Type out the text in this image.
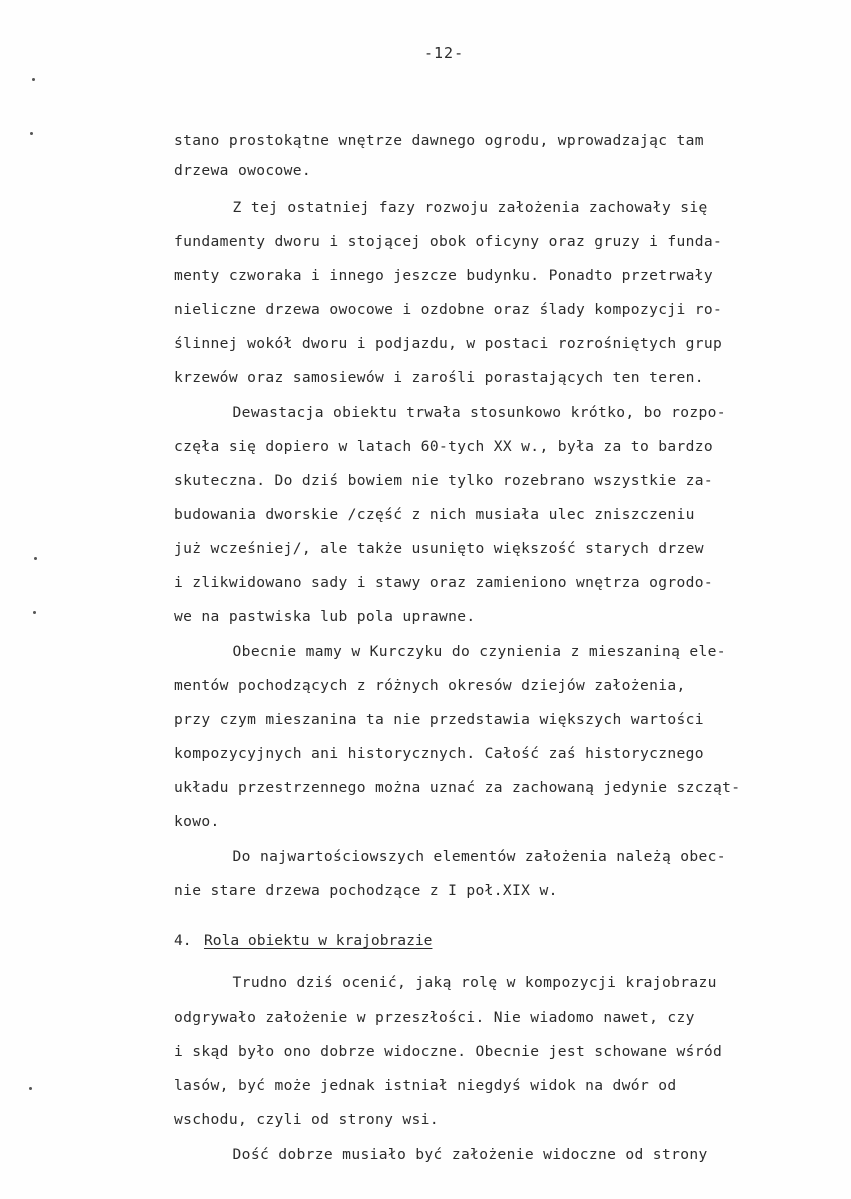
-12-
stano prostokątne wnętrze dawnego ogrodu, wprowadzając tam
drzewa owocowe.
Z tej ostatniej fazy rozwoju założenia zachowały się
fundamenty dworu i stojącej obok oficyny oraz gruzy i funda-
menty czworaka i innego jeszcze budynku. Ponadto przetrwały
nieliczne drzewa owocowe i ozdobne oraz ślady kompozycji ro-
ślinnej wokół dworu i podjazdu, w postaci rozrośniętych grup
krzewów oraz samosiewów i zarośli porastających ten teren.
Dewastacja obiektu trwała stosunkowo krótko, bo rozpo-
częła się dopiero w latach 60-tych XX w., była za to bardzo
skuteczna. Do dziś bowiem nie tylko rozebrano wszystkie za-
budowania dworskie /część z nich musiała ulec zniszczeniu
już wcześniej/, ale także usunięto większość starych drzew
i zlikwidowano sady i stawy oraz zamieniono wnętrza ogrodo-
we na pastwiska lub pola uprawne.
Obecnie mamy w Kurczyku do czynienia z mieszaniną ele-
mentów pochodzących z różnych okresów dziejów założenia,
przy czym mieszanina ta nie przedstawia większych wartości
kompozycyjnych ani historycznych. Całość zaś historycznego
układu przestrzennego można uznać za zachowaną jedynie szcząt-
kowo.
Do najwartościowszych elementów założenia należą obec-
nie stare drzewa pochodzące z I poł.XIX w.
4. Rola obiektu w krajobrazie
Trudno dziś ocenić, jaką rolę w kompozycji krajobrazu
odgrywało założenie w przeszłości. Nie wiadomo nawet, czy
i skąd było ono dobrze widoczne. Obecnie jest schowane wśród
lasów, być może jednak istniał niegdyś widok na dwór od
wschodu, czyli od strony wsi.
Dość dobrze musiało być założenie widoczne od strony
